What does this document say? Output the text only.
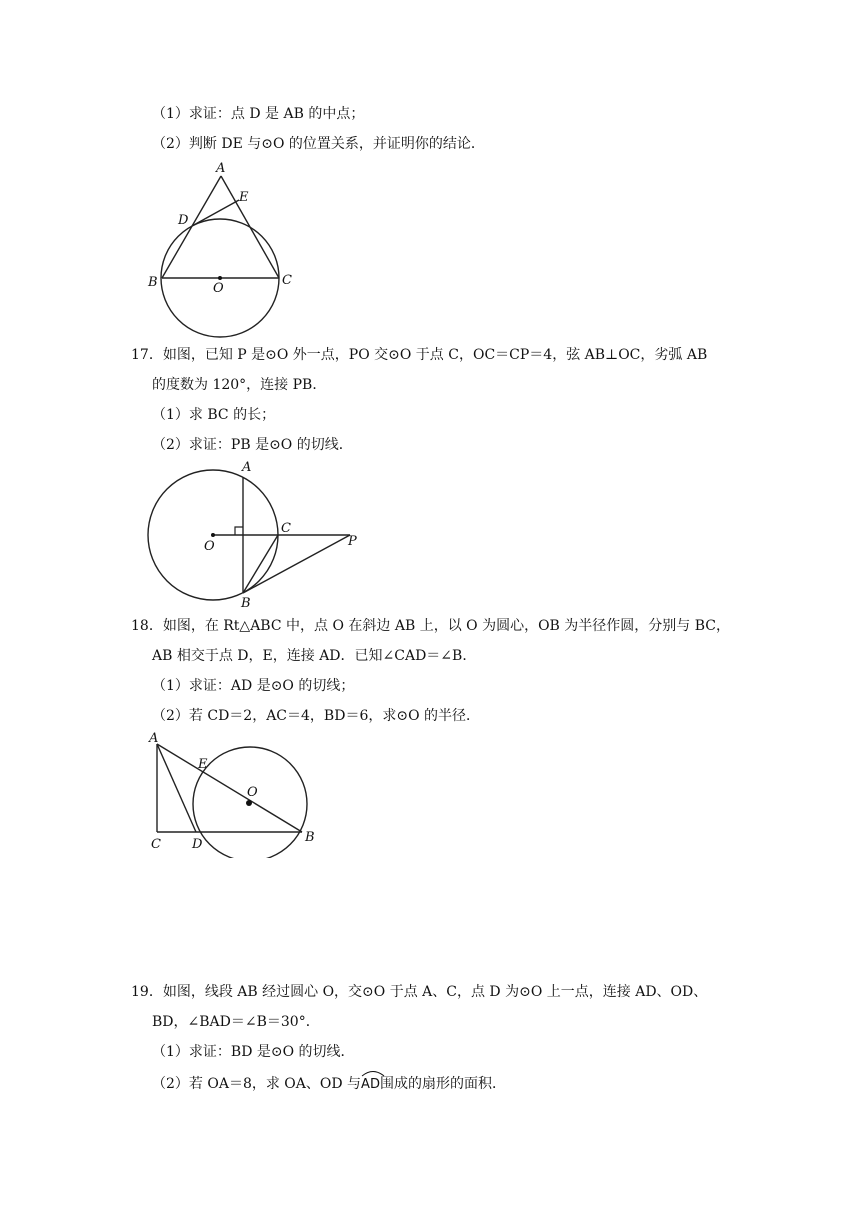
（1）求证：点 D 是 AB 的中点；
（2）判断 DE 与⊙O 的位置关系，并证明你的结论．
A
E
D
B	O
C
17．如图，已知 P 是⊙O 外一点，PO 交⊙O 于点 C，OC＝CP＝4，弦 AB⊥OC，劣弧 AB
的度数为 120°，连接 PB．
（1）求 BC 的长；
（2）求证：PB 是⊙O 的切线．
A
C
O	P
B
18．如图，在 Rt△ABC 中，点 O 在斜边 AB 上，以 O 为圆心，OB 为半径作圆，分别与 BC，
AB 相交于点 D，E，连接 AD．已知∠CAD＝∠B．
（1）求证：AD 是⊙O 的切线；
（2）若 CD＝2，AC＝4，BD＝6，求⊙O 的半径．
A
E
O
B
C D
19．如图，线段 AB 经过圆心 O，交⊙O 于点 A、C，点 D 为⊙O 上一点，连接 AD、OD、
BD，∠BAD＝∠B＝30°．
（1）求证：BD 是⊙O 的切线．
（2）若 OA＝8，求 OA、OD 与
AD围成的扇形的面积．
